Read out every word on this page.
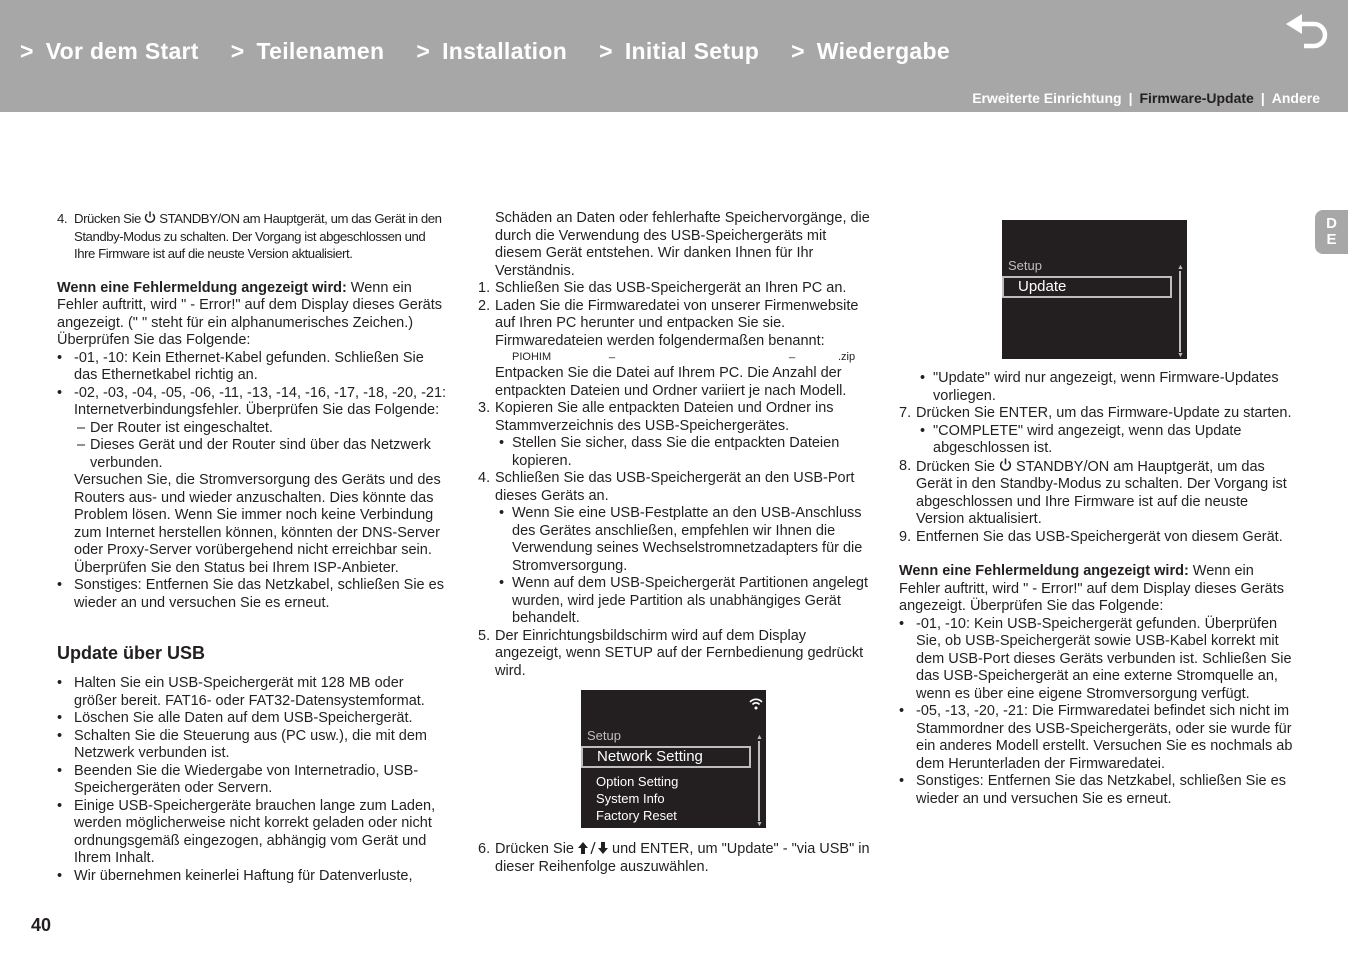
> Vor dem Start > Teilenamen > Installation > Initial Setup > Wiedergabe
Erweiterte Einrichtung | Firmware-Update | Andere
D
E
4. Drücken Sie  STANDBY/ON am Hauptgerät, um das Gerät in den Standby-Modus zu schalten. Der Vorgang ist abgeschlossen und Ihre Firmware ist auf die neuste Version aktualisiert.

Wenn eine Fehlermeldung angezeigt wird: Wenn ein Fehler auftritt, wird " - Error!" auf dem Display dieses Geräts angezeigt. (" " steht für ein alphanumerisches Zeichen.) Überprüfen Sie das Folgende:

• -01, -10: Kein Ethernet-Kabel gefunden. Schließen Sie das Ethernetkabel richtig an.
• -02, -03, -04, -05, -06, -11, -13, -14, -16, -17, -18, -20, -21: Internetverbindungsfehler. Überprüfen Sie das Folgende:
– Der Router ist eingeschaltet.
– Dieses Gerät und der Router sind über das Netzwerk verbunden.

Versuchen Sie, die Stromversorgung des Geräts und des Routers aus- und wieder anzuschalten. Dies könnte das Problem lösen. Wenn Sie immer noch keine Verbindung zum Internet herstellen können, könnten der DNS-Server oder Proxy-Server vorübergehend nicht erreichbar sein. Überprüfen Sie den Status bei Ihrem ISP-Anbieter.

• Sonstiges: Entfernen Sie das Netzkabel, schließen Sie es wieder an und versuchen Sie es erneut.
Update über USB
• Halten Sie ein USB-Speichergerät mit 128 MB oder größer bereit. FAT16- oder FAT32-Datensystemformat.
• Löschen Sie alle Daten auf dem USB-Speichergerät.
• Schalten Sie die Steuerung aus (PC usw.), die mit dem Netzwerk verbunden ist.
• Beenden Sie die Wiedergabe von Internetradio, USB-Speichergeräten oder Servern.
• Einige USB-Speichergeräte brauchen lange zum Laden, werden möglicherweise nicht korrekt geladen oder nicht ordnungsgemäß eingezogen, abhängig vom Gerät und Ihrem Inhalt.
• Wir übernehmen keinerlei Haftung für Datenverluste,

Schäden an Daten oder fehlerhafte Speichervorgänge, die durch die Verwendung des USB-Speichergeräts mit diesem Gerät entstehen. Wir danken Ihnen für Ihr Verständnis.

1. Schließen Sie das USB-Speichergerät an Ihren PC an.
2. Laden Sie die Firmwaredatei von unserer Firmenwebsite auf Ihren PC herunter und entpacken Sie sie. Firmwaredateien werden folgendermaßen benannt:
PIOHIM	_	_	.zip

Entpacken Sie die Datei auf Ihrem PC. Die Anzahl der entpackten Dateien und Ordner variiert je nach Modell.

3. Kopieren Sie alle entpackten Dateien und Ordner ins Stammverzeichnis des USB-Speichergerätes.
• Stellen Sie sicher, dass Sie die entpackten Dateien kopieren.
4. Schließen Sie das USB-Speichergerät an den USB-Port dieses Geräts an.
• Wenn Sie eine USB-Festplatte an den USB-Anschluss des Gerätes anschließen, empfehlen wir Ihnen die Verwendung seines Wechselstromnetzadapters für die Stromversorgung.
• Wenn auf dem USB-Speichergerät Partitionen angelegt wurden, wird jede Partition als unabhängiges Gerät behandelt.
5. Der Einrichtungsbildschirm wird auf dem Display angezeigt, wenn SETUP auf der Fernbedienung gedrückt wird.
Setup
Network Setting
Option Setting
System Info
Factory Reset
▲
▼
6. Drücken Sie  und ENTER, um "Update" - "via USB" in dieser Reihenfolge auszuwählen.
Setup
Update
▲
▼
• "Update" wird nur angezeigt, wenn Firmware-Updates vorliegen.
7. Drücken Sie ENTER, um das Firmware-Update zu starten.
• "COMPLETE" wird angezeigt, wenn das Update abgeschlossen ist.
8. Drücken Sie  STANDBY/ON am Hauptgerät, um das Gerät in den Standby-Modus zu schalten. Der Vorgang ist abgeschlossen und Ihre Firmware ist auf die neuste Version aktualisiert.
9. Entfernen Sie das USB-Speichergerät von diesem Gerät.

Wenn eine Fehlermeldung angezeigt wird: Wenn ein Fehler auftritt, wird " - Error!" auf dem Display dieses Geräts angezeigt. Überprüfen Sie das Folgende:

• -01, -10: Kein USB-Speichergerät gefunden. Überprüfen Sie, ob USB-Speichergerät sowie USB-Kabel korrekt mit dem USB-Port dieses Geräts verbunden ist. Schließen Sie das USB-Speichergerät an eine externe Stromquelle an, wenn es über eine eigene Stromversorgung verfügt.
• -05, -13, -20, -21: Die Firmwaredatei befindet sich nicht im Stammordner des USB-Speichergeräts, oder sie wurde für ein anderes Modell erstellt. Versuchen Sie es nochmals ab dem Herunterladen der Firmwaredatei.
• Sonstiges: Entfernen Sie das Netzkabel, schließen Sie es wieder an und versuchen Sie es erneut.
40
